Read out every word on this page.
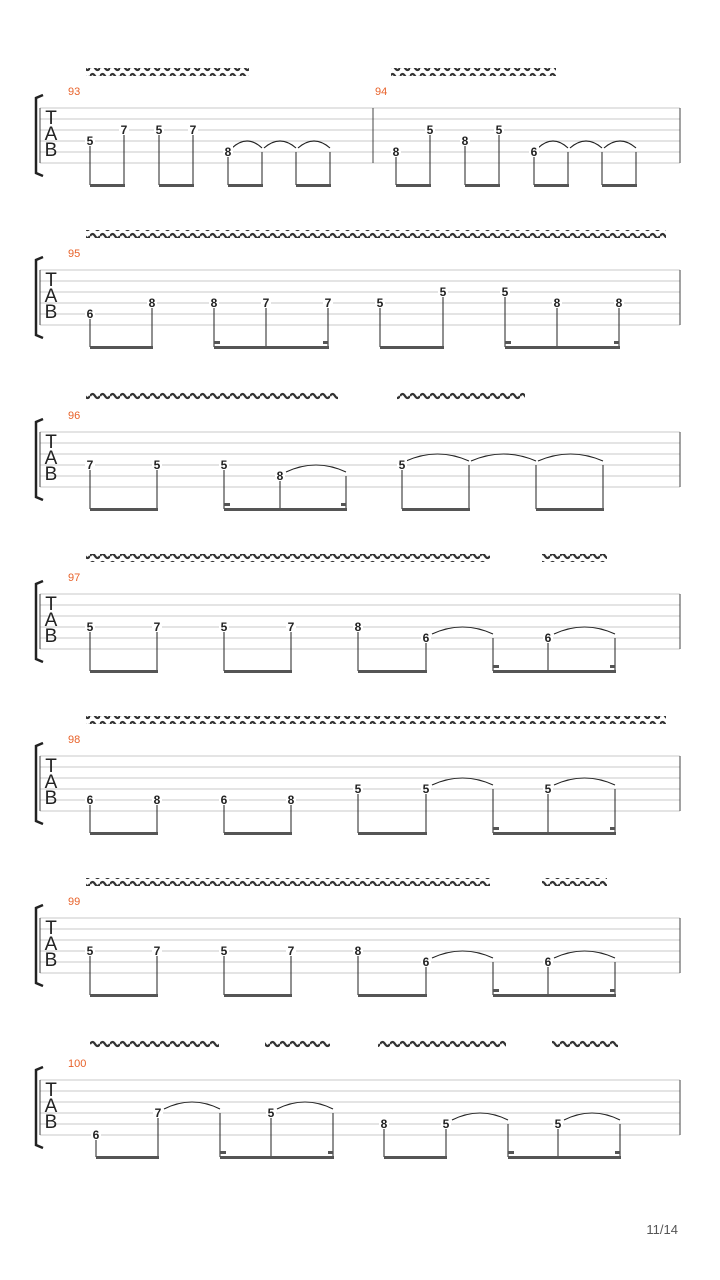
T
A
B
93
5
7 5 7
8
94
8
5
8
5
6
T
A
B
95
6
8	8	7	7	5
5	5
8	8
T
A
B
96
7	5	5
8
5
T
A
B
97
5	7	5	7	8
6	6
T
A
B
98
6	8	6	8
5	5	5
T
A
B
99
5	7	5	7	8
6	6
T
A
B
100
6
7	5
8	5	5
11/14
